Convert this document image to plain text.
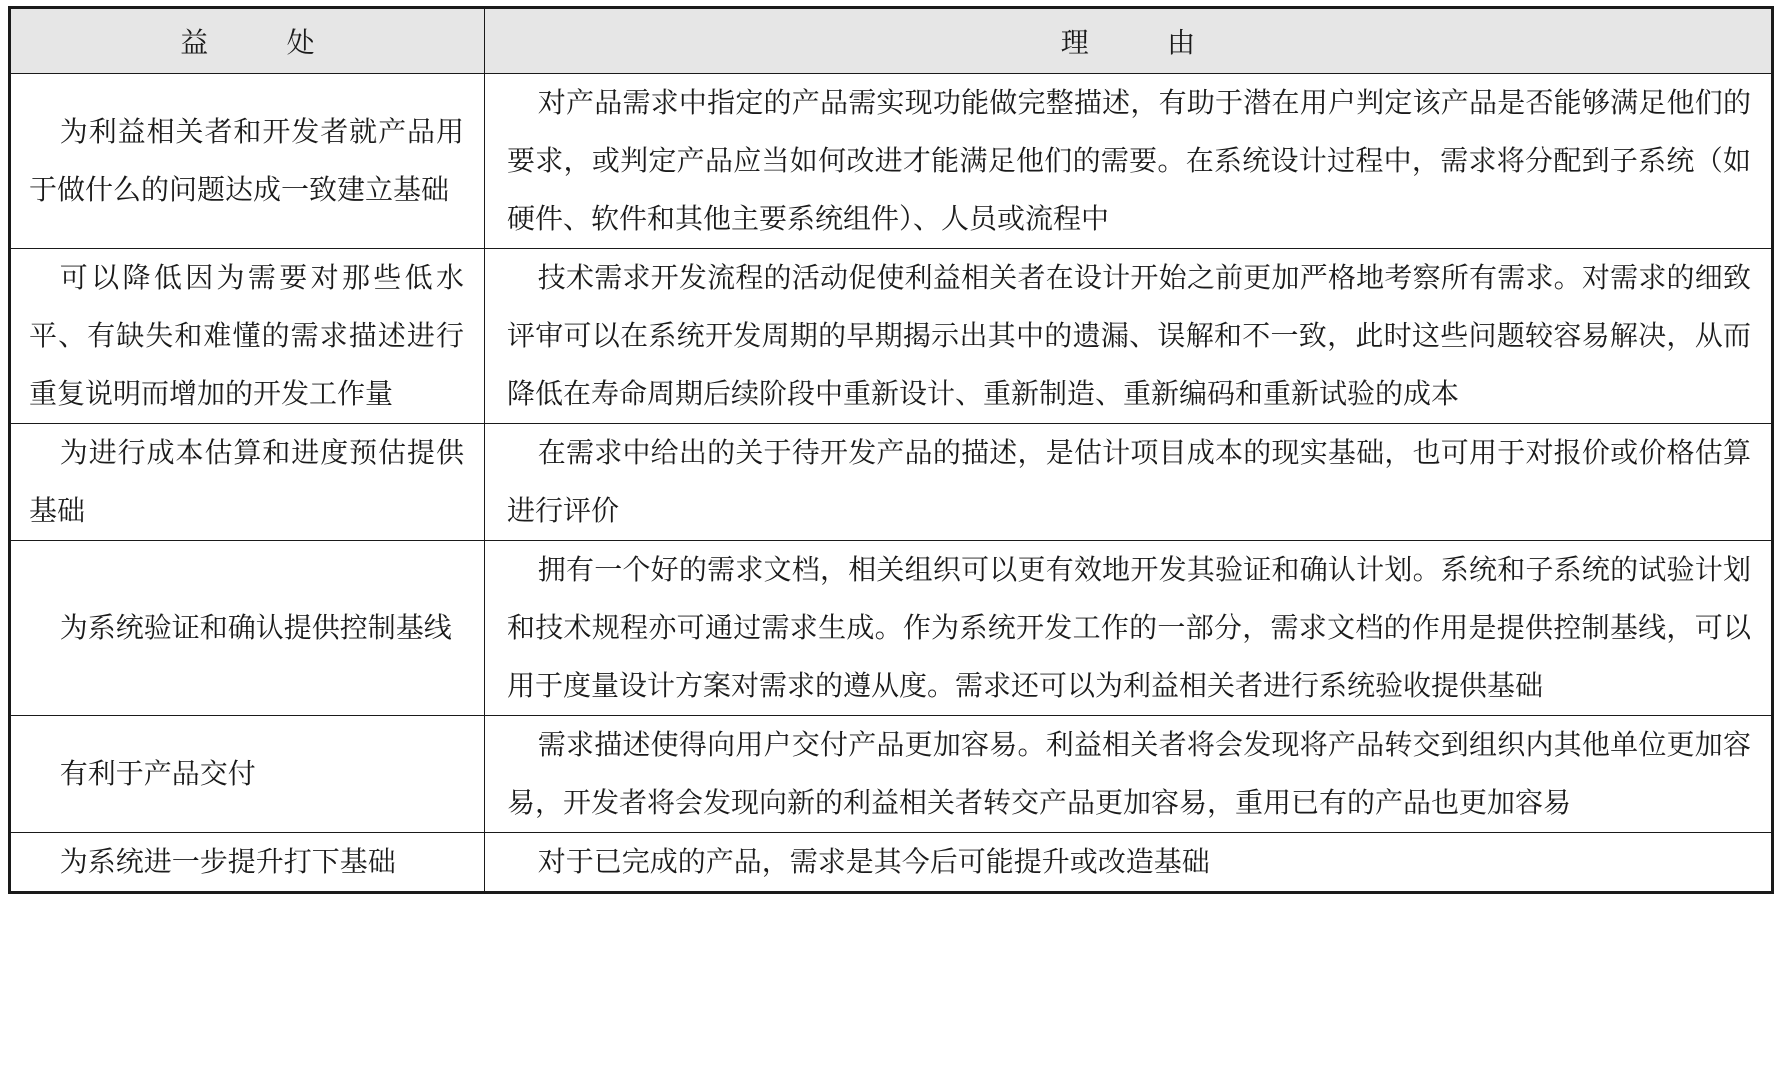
益处	理由
为利益相关者和开发者就产品用于做什么的问题达成一致建立基础	对产品需求中指定的产品需实现功能做完整描述，有助于潜在用户判定该产品是否能够满足他们的要求，或判定产品应当如何改进才能满足他们的需要。在系统设计过程中，需求将分配到子系统（如硬件、软件和其他主要系统组件）、人员或流程中
可以降低因为需要对那些低水平、有缺失和难懂的需求描述进行重复说明而增加的开发工作量	技术需求开发流程的活动促使利益相关者在设计开始之前更加严格地考察所有需求。对需求的细致评审可以在系统开发周期的早期揭示出其中的遗漏、误解和不一致，此时这些问题较容易解决，从而降低在寿命周期后续阶段中重新设计、重新制造、重新编码和重新试验的成本
为进行成本估算和进度预估提供基础	在需求中给出的关于待开发产品的描述，是估计项目成本的现实基础，也可用于对报价或价格估算进行评价
为系统验证和确认提供控制基线	拥有一个好的需求文档，相关组织可以更有效地开发其验证和确认计划。系统和子系统的试验计划和技术规程亦可通过需求生成。作为系统开发工作的一部分，需求文档的作用是提供控制基线，可以用于度量设计方案对需求的遵从度。需求还可以为利益相关者进行系统验收提供基础
有利于产品交付	需求描述使得向用户交付产品更加容易。利益相关者将会发现将产品转交到组织内其他单位更加容易，开发者将会发现向新的利益相关者转交产品更加容易，重用已有的产品也更加容易
为系统进一步提升打下基础	对于已完成的产品，需求是其今后可能提升或改造基础
